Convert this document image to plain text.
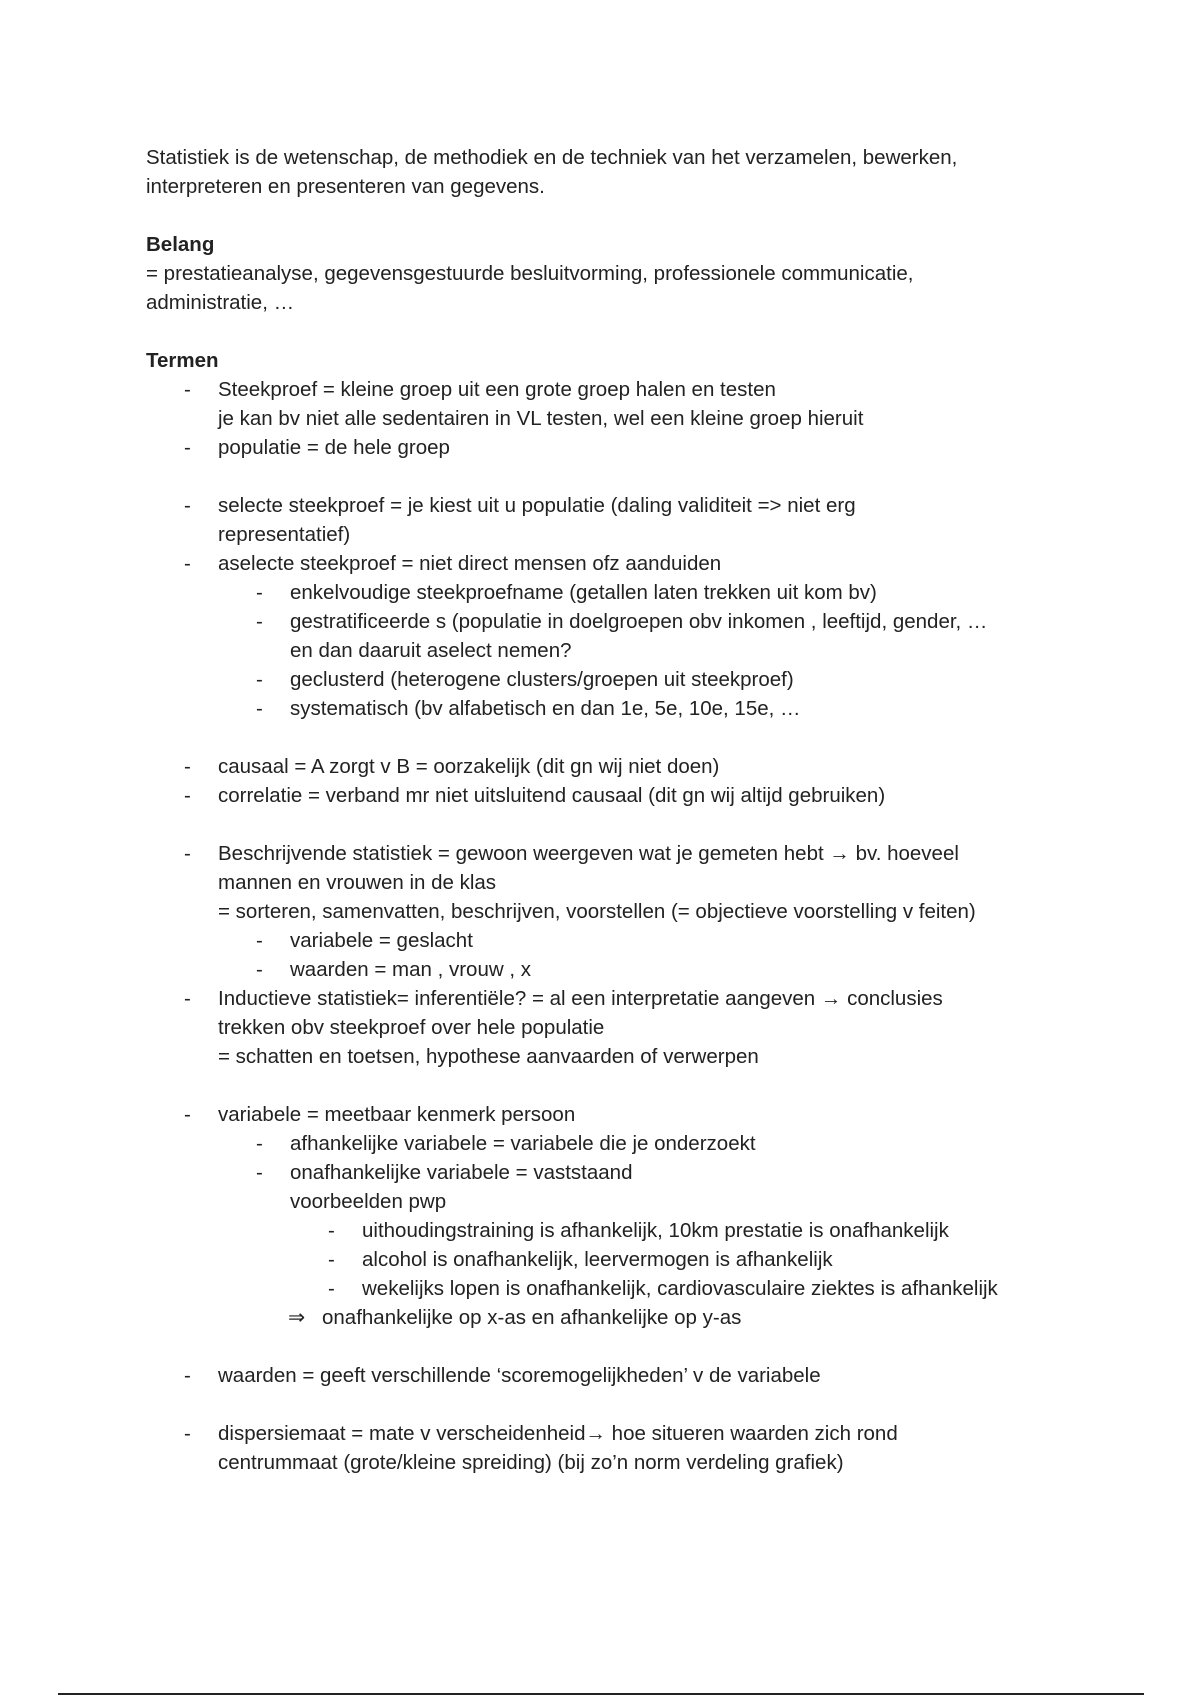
Statistiek is de wetenschap, de methodiek en de techniek van het verzamelen, bewerken,
interpreteren en presenteren van gegevens.

Belang

= prestatieanalyse, gegevensgestuurde besluitvorming, professionele communicatie,
administratie, …

Termen

- Steekproef = kleine groep uit een grote groep halen en testen
je kan bv niet alle sedentairen in VL testen, wel een kleine groep hieruit
- populatie = de hele groep
- selecte steekproef = je kiest uit u populatie (daling validiteit => niet erg
representatief)
- aselecte steekproef = niet direct mensen ofz aanduiden
- enkelvoudige steekproefname (getallen laten trekken uit kom bv)
- gestratificeerde s (populatie in doelgroepen obv inkomen , leeftijd, gender, …
en dan daaruit aselect nemen?
- geclusterd (heterogene clusters/groepen uit steekproef)
- systematisch (bv alfabetisch en dan 1e, 5e, 10e, 15e, …
- causaal = A zorgt v B = oorzakelijk (dit gn wij niet doen)
- correlatie = verband mr niet uitsluitend causaal (dit gn wij altijd gebruiken)
- Beschrijvende statistiek = gewoon weergeven wat je gemeten hebt → bv. hoeveel
mannen en vrouwen in de klas
= sorteren, samenvatten, beschrijven, voorstellen (= objectieve voorstelling v feiten)
- variabele = geslacht
- waarden = man , vrouw , x
- Inductieve statistiek= inferentiële? = al een interpretatie aangeven → conclusies
trekken obv steekproef over hele populatie
= schatten en toetsen, hypothese aanvaarden of verwerpen
- variabele = meetbaar kenmerk persoon
- afhankelijke variabele = variabele die je onderzoekt
- onafhankelijke variabele = vaststaand
voorbeelden pwp
- uithoudingstraining is afhankelijk, 10km prestatie is onafhankelijk
- alcohol is onafhankelijk, leervermogen is afhankelijk
- wekelijks lopen is onafhankelijk, cardiovasculaire ziektes is afhankelijk
⇒ onafhankelijke op x-as en afhankelijke op y-as
- waarden = geeft verschillende ‘scoremogelijkheden’ v de variabele
- dispersiemaat = mate v verscheidenheid→ hoe situeren waarden zich rond
centrummaat (grote/kleine spreiding) (bij zo’n norm verdeling grafiek)
